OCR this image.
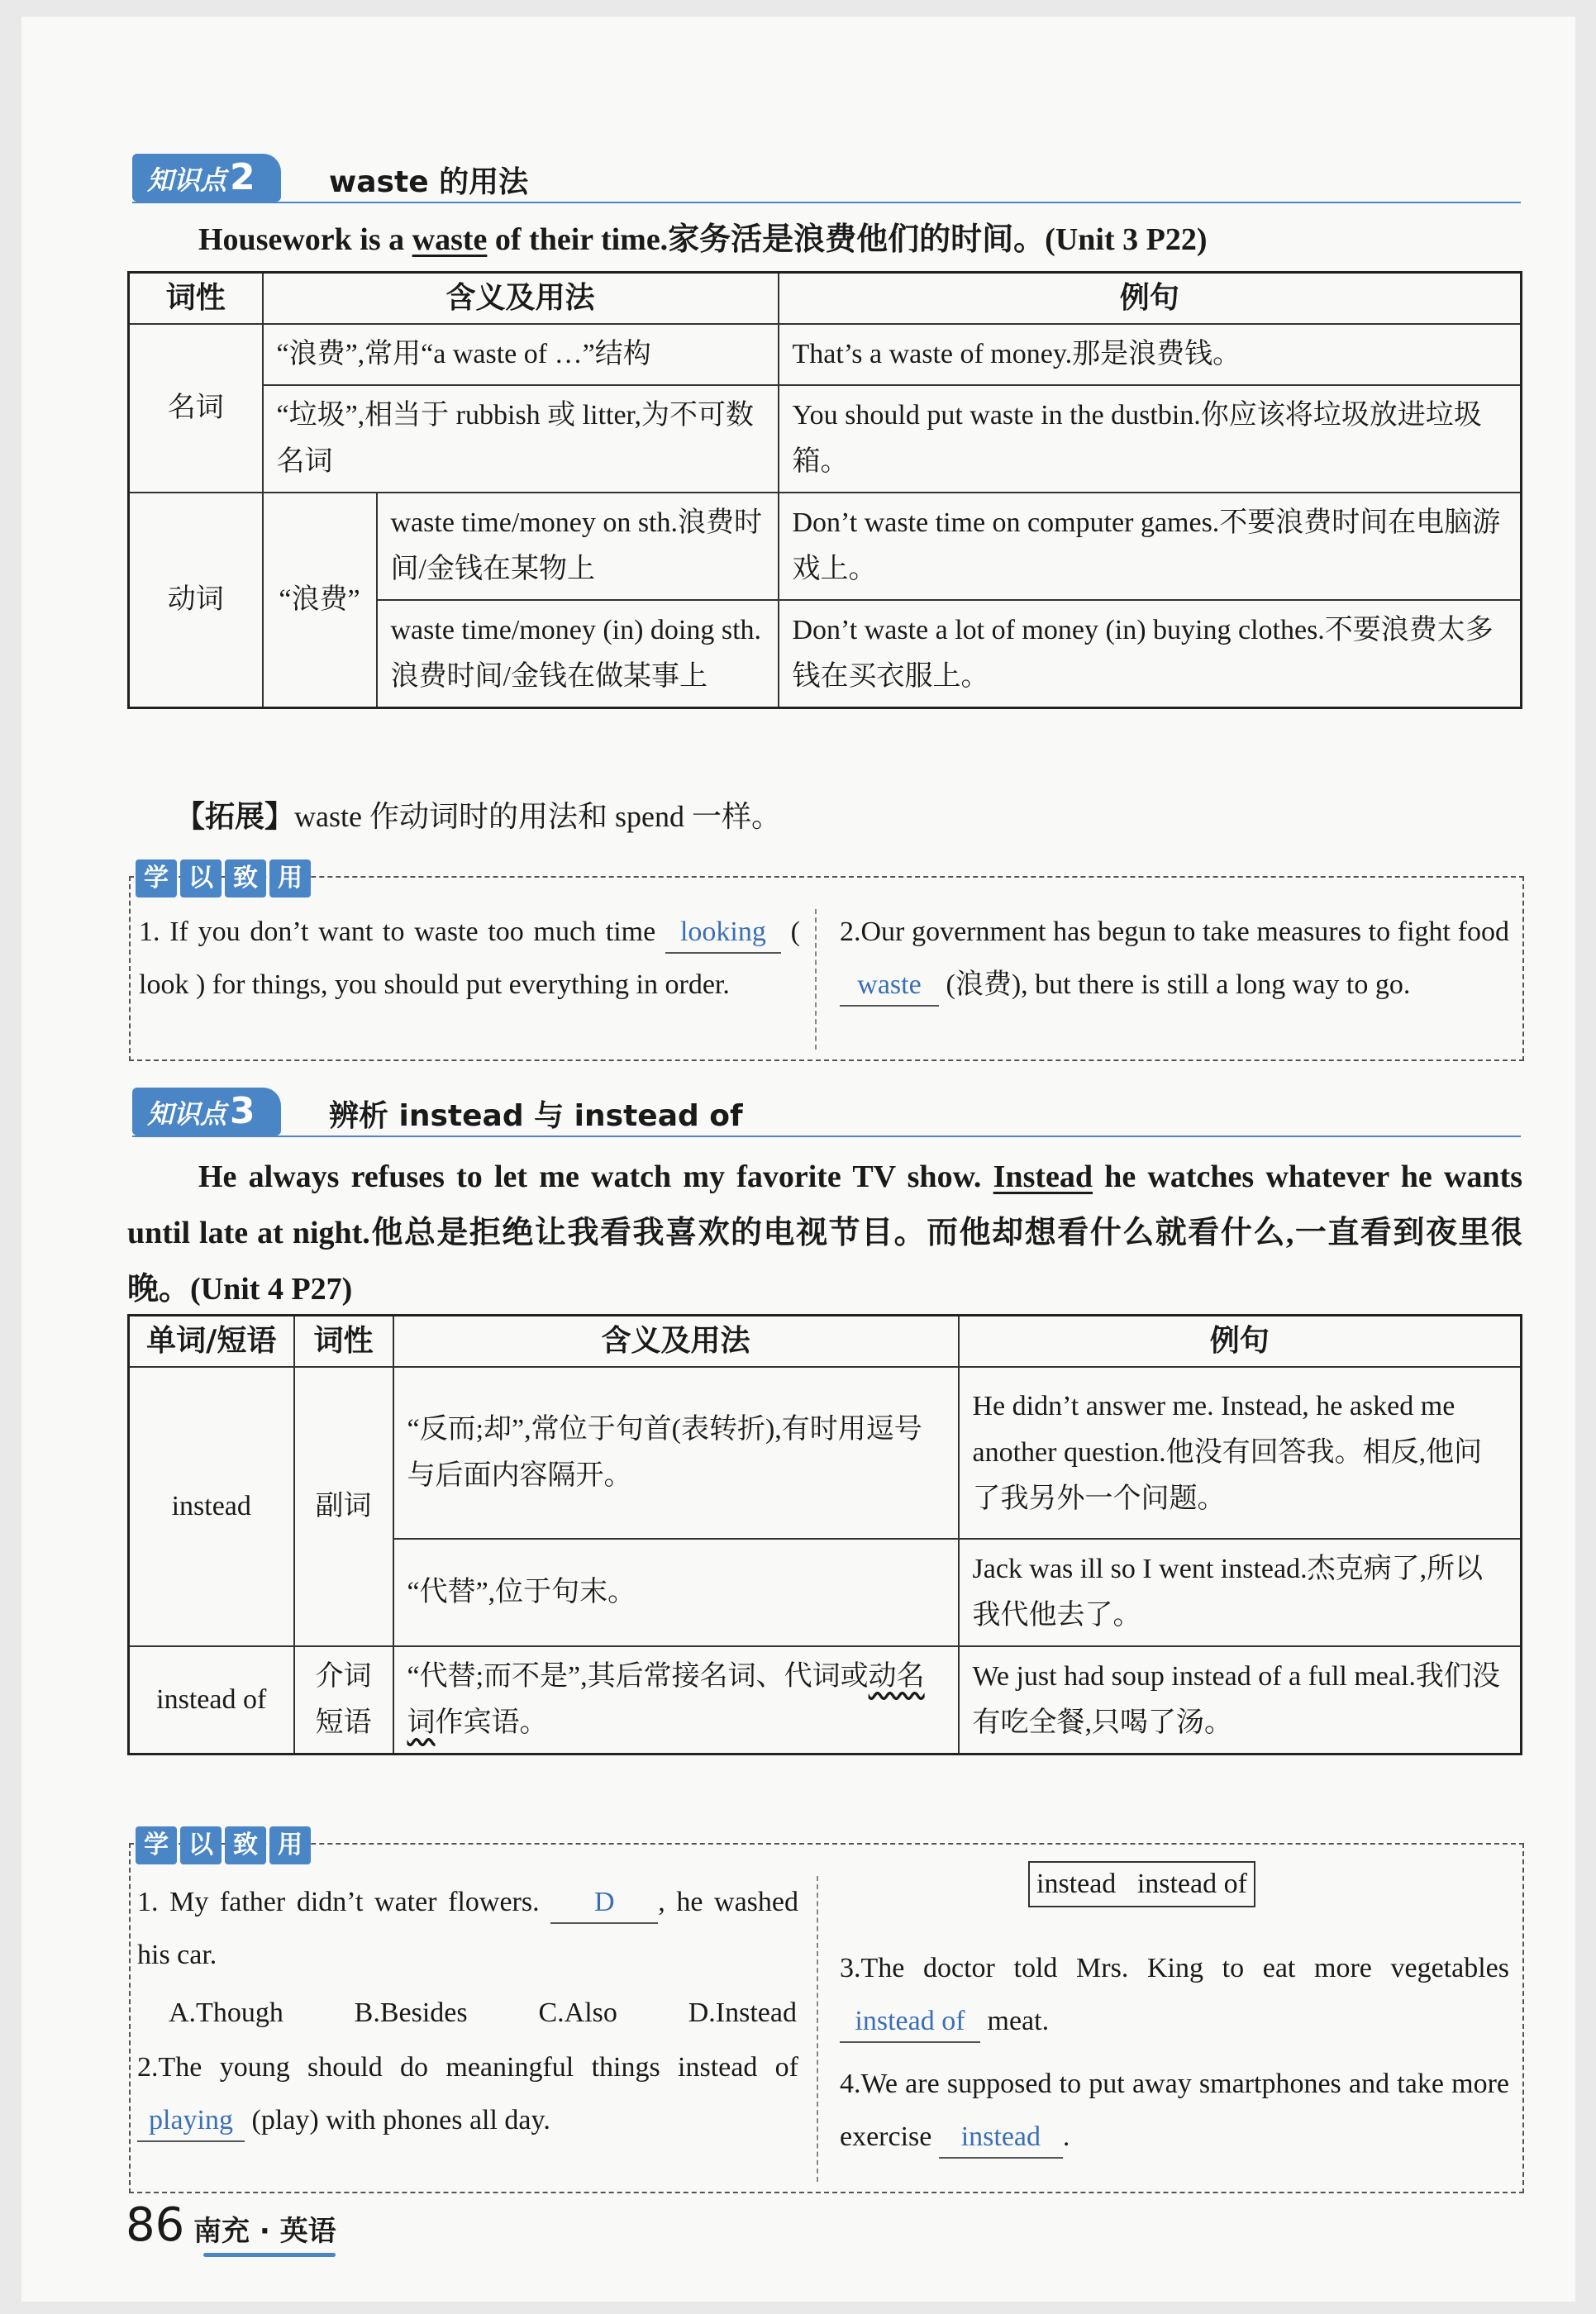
知识点2	waste 的用法
Housework is a waste of their time.家务活是浪费他们的时间。(Unit 3 P22)
词性	含义及用法		例句
名词	“浪费”,常用“a waste of …”结构		That’s a waste of money.那是浪费钱。
	“垃圾”,相当于 rubbish 或 litter,为不可数名词		You should put waste in the dustbin.你应该将垃圾放进垃圾箱。
动词	“浪费”	waste time/money on sth.浪费时间/金钱在某物上	Don’t waste time on computer games.不要浪费时间在电脑游戏上。
		waste time/money (in) doing sth.浪费时间/金钱在做某事上	Don’t waste a lot of money (in) buying clothes.不要浪费太多钱在买衣服上。
【拓展】waste 作动词时的用法和 spend 一样。
学 以 致 用
1. If you don’t want to waste too much time looking ( look ) for things, you should put everything in order.
2.Our government has begun to take measures to fight food waste (浪费), but there is still a long way to go.
知识点3	辨析 instead 与 instead of
He always refuses to let me watch my favorite TV show. Instead he watches whatever he wants until late at night.他总是拒绝让我看我喜欢的电视节目。而他却想看什么就看什么,一直看到夜里很晚。(Unit 4 P27)
单词/短语	词性	含义及用法	例句
instead	副词	“反而;却”,常位于句首(表转折),有时用逗号与后面内容隔开。	He didn’t answer me. Instead, he asked me another question.他没有回答我。相反,他问了我另外一个问题。
		“代替”,位于句末。	Jack was ill so I went instead.杰克病了,所以我代他去了。
instead of	介词短语	“代替;而不是”,其后常接名词、代词或动名词作宾语。	We just had soup instead of a full meal.我们没有吃全餐,只喝了汤。
学 以 致 用
1. My father didn’t water flowers. D , he washed his car.
A.Though	B.Besides	C.Also	D.Instead
2.The young should do meaningful things instead of playing (play) with phones all day.
instead instead of
3.The doctor told Mrs. King to eat more vegetables instead of meat.
4.We are supposed to put away smartphones and take more exercise instead .
86 南充 · 英语
